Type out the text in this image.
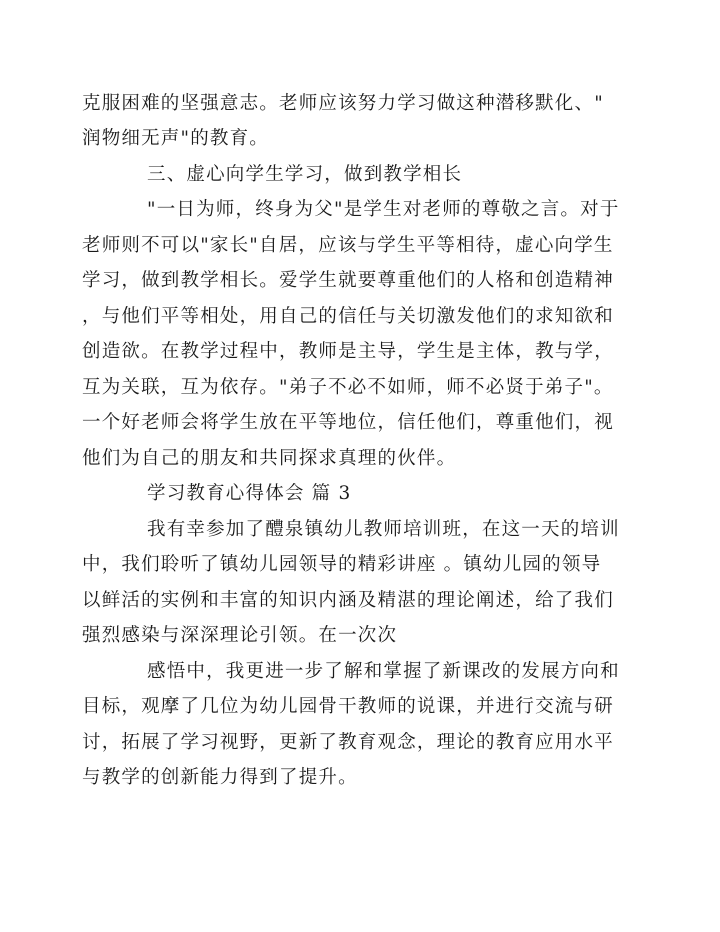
克服困难的坚强意志。老师应该努力学习做这种潜移默化、"
润物细无声"的教育。
三、虚心向学生学习，做到教学相长
"一日为师，终身为父"是学生对老师的尊敬之言。对于
老师则不可以"家长"自居，应该与学生平等相待，虚心向学生
学习，做到教学相长。爱学生就要尊重他们的人格和创造精神
，与他们平等相处，用自己的信任与关切激发他们的求知欲和
创造欲。在教学过程中，教师是主导，学生是主体，教与学，
互为关联，互为依存。"弟子不必不如师，师不必贤于弟子"。
一个好老师会将学生放在平等地位，信任他们，尊重他们，视
他们为自己的朋友和共同探求真理的伙伴。
学习教育心得体会 篇 3
我有幸参加了醴泉镇幼儿教师培训班，在这一天的培训
中，我们聆听了镇幼儿园领导的精彩讲座 。镇幼儿园的领导
以鲜活的实例和丰富的知识内涵及精湛的理论阐述，给了我们
强烈感染与深深理论引领。在一次次
感悟中，我更进一步了解和掌握了新课改的发展方向和
目标，观摩了几位为幼儿园骨干教师的说课，并进行交流与研
讨，拓展了学习视野，更新了教育观念，理论的教育应用水平
与教学的创新能力得到了提升。
